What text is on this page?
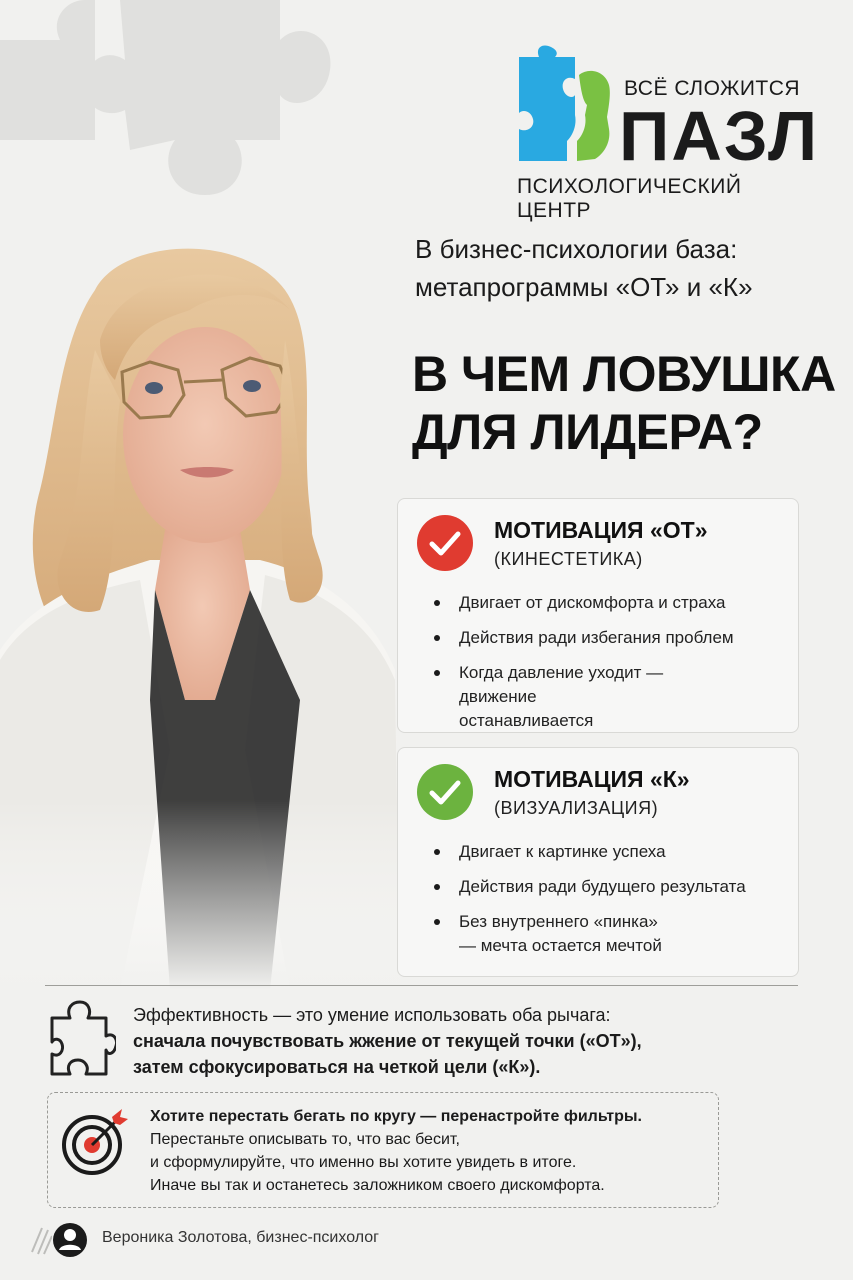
ВСЁ СЛОЖИТСЯ
ПАЗЛ
ПСИХОЛОГИЧЕСКИЙ ЦЕНТР
В бизнес-психологии база:
метапрограммы «ОТ» и «К»
В ЧЕМ ЛОВУШКА
ДЛЯ ЛИДЕРА?
МОТИВАЦИЯ «ОТ»
(КИНЕСТЕТИКА)
Двигает от дискомфорта и страха
Действия ради избегания проблем
Когда давление уходит — движение останавливается
МОТИВАЦИЯ «К»
(ВИЗУАЛИЗАЦИЯ)
Двигает к картинке успеха
Действия ради будущего результата
Без внутреннего «пинка» — мечта остается мечтой
Эффективность — это умение использовать оба рычага:
сначала почувствовать жжение от текущей точки («ОТ»),
затем сфокусироваться на четкой цели («К»).
Хотите перестать бегать по кругу — перенастройте фильтры.
Перестаньте описывать то, что вас бесит,
и сформулируйте, что именно вы хотите увидеть в итоге.
Иначе вы так и останетесь заложником своего дискомфорта.
Вероника Золотова, бизнес-психолог
